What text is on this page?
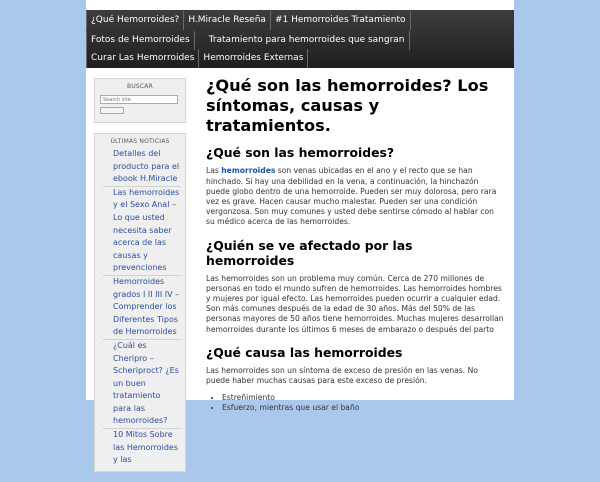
¿Qué Hemorroides?	H.Miracle Reseña	#1 Hemorroides Tratamiento
Fotos de Hemorroides	Tratamiento para hemorroides que sangran
Curar Las Hemorroides	Hemorroides Externas
BUSCAR
Search site
ÚLTIMAS NOTICIAS
Detalles del producto para el ebook H.Miracle
Las hemorroides y el Sexo Anal – Lo que usted necesita saber acerca de las causas y prevenciones
Hemorroides grados I II III IV – Comprender los Diferentes Tipos de Hemorroides
¿Cuál es Cheripro – Scheriproct? ¿Es un buen tratamiento para las hemorroides?
10 Mitos Sobre las Hemorroides y las
¿Qué son las hemorroides? Los síntomas, causas y tratamientos.
¿Qué son las hemorroides?

Las hemorroides son venas ubicadas en el ano y el recto que se han hinchado. Si hay una debilidad en la vena, a continuación, la hinchazón puede globo dentro de una hemorroide. Pueden ser muy dolorosa, pero rara vez es grave. Hacen causar mucho malestar. Pueden ser una condición vergonzosa. Son muy comunes y usted debe sentirse cómodo al hablar con su médico acerca de las hemorroides.

¿Quién se ve afectado por las hemorroides

Las hemorroides son un problema muy común. Cerca de 270 millones de personas en todo el mundo sufren de hemorroides. Las hemorroides hombres y mujeres por igual efecto. Las hemorroides pueden ocurrir a cualquier edad. Son más comunes después de la edad de 30 años. Más del 50% de las personas mayores de 50 años tiene hemorroides. Muchas mujeres desarrollan hemorroides durante los últimos 6 meses de embarazo o después del parto

¿Qué causa las hemorroides

Las hemorroides son un síntoma de exceso de presión en las venas. No puede haber muchas causas para este exceso de presión.

• Estreñimiento
• Esfuerzo, mientras que usar el baño
